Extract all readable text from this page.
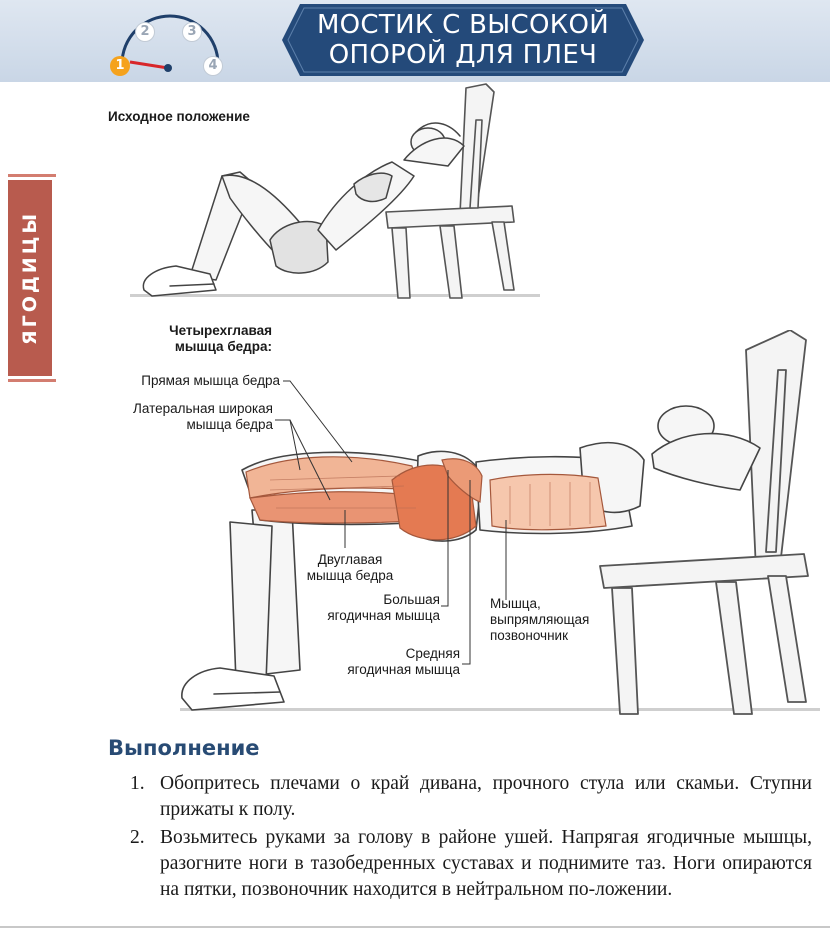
1
2	3
4
МОСТИК С ВЫСОКОЙ
ОПОРОЙ ДЛЯ ПЛЕЧ
ЯГОДИЦЫ
Исходное положение
Четырехглавая
мышца бедра:
Прямая мышца бедра
Латеральная широкая
мышца бедра
Двуглавая
мышца бедра
Большая
ягодичная мышца
Средняя
ягодичная мышца
Мышца,
выпрямляющая
позвоночник
Выполнение
1. Обопритесь плечами о край дивана, прочного стула или скамьи. Ступни прижаты к полу.
2. Возьмитесь руками за голову в районе ушей. Напрягая ягодичные мышцы, разогните ноги в тазобедренных суставах и поднимите таз. Ноги опираются на пятки, позвоночник находится в нейтральном по-ложении.
